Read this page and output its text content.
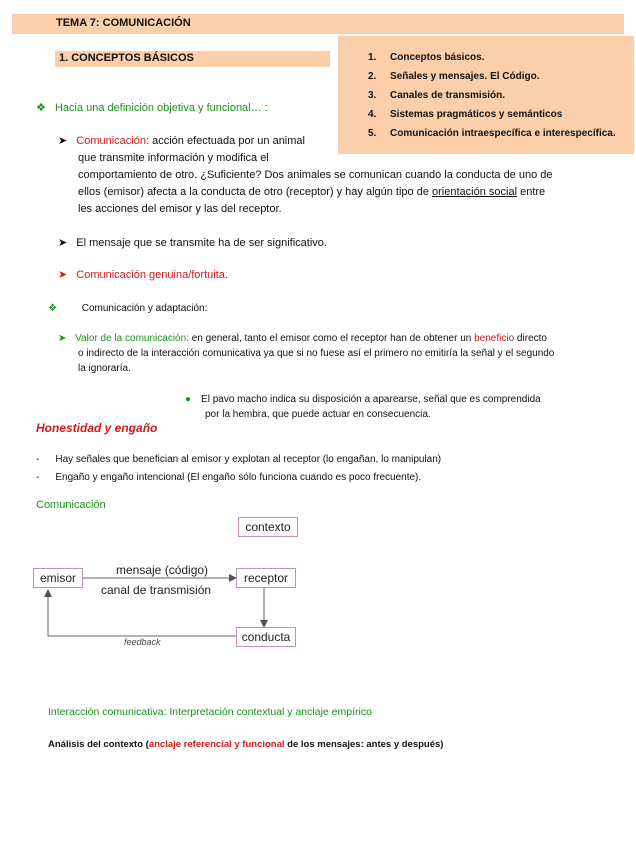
TEMA 7: COMUNICACIÓN
1. CONCEPTOS BÁSICOS	1. Conceptos básicos.
2. Señales y mensajes. El Código.
3. Canales de transmisión.
4. Sistemas pragmáticos y semánticos
5. Comunicación intraespecífica e interespecífica.
❖ Hacia una definición objetiva y funcional… :
➤ Comunicación: acción efectuada por un animal
que transmite información y modifica el
comportamiento de otro. ¿Suficiente? Dos animales se comunican cuando la conducta de uno de
ellos (emisor) afecta a la conducta de otro (receptor) y hay algún tipo de orientación social entre
les acciones del emisor y las del receptor.
➤ El mensaje que se transmite ha de ser significativo.
➤ Comunicación genuina/fortuita.
❖ Comunicación y adaptación:
➤ Valor de la comunicación: en general, tanto el emisor como el receptor han de obtener un beneficio directo
o indirecto de la interacción comunicativa ya que si no fuese así el primero no emitiría la señal y el segundo
la ignoraría.
● El pavo macho indica su disposición a aparearse, señal que es comprendida
por la hembra, que puede actuar en consecuencia.
Honestidad y engaño
- Hay señales que benefician al emisor y explotan al receptor (lo engañan, lo manipulan)
- Engaño y engaño intencional (El engaño sólo funciona cuando es poco frecuente).
Comunicación
contexto
emisor	receptor
conducta
mensaje (código)
canal de transmisión
feedback
Interacción comunicativa: Interpretación contextual y anclaje empírico
Análisis del contexto (anclaje referencial y funcional de los mensajes: antes y después)
